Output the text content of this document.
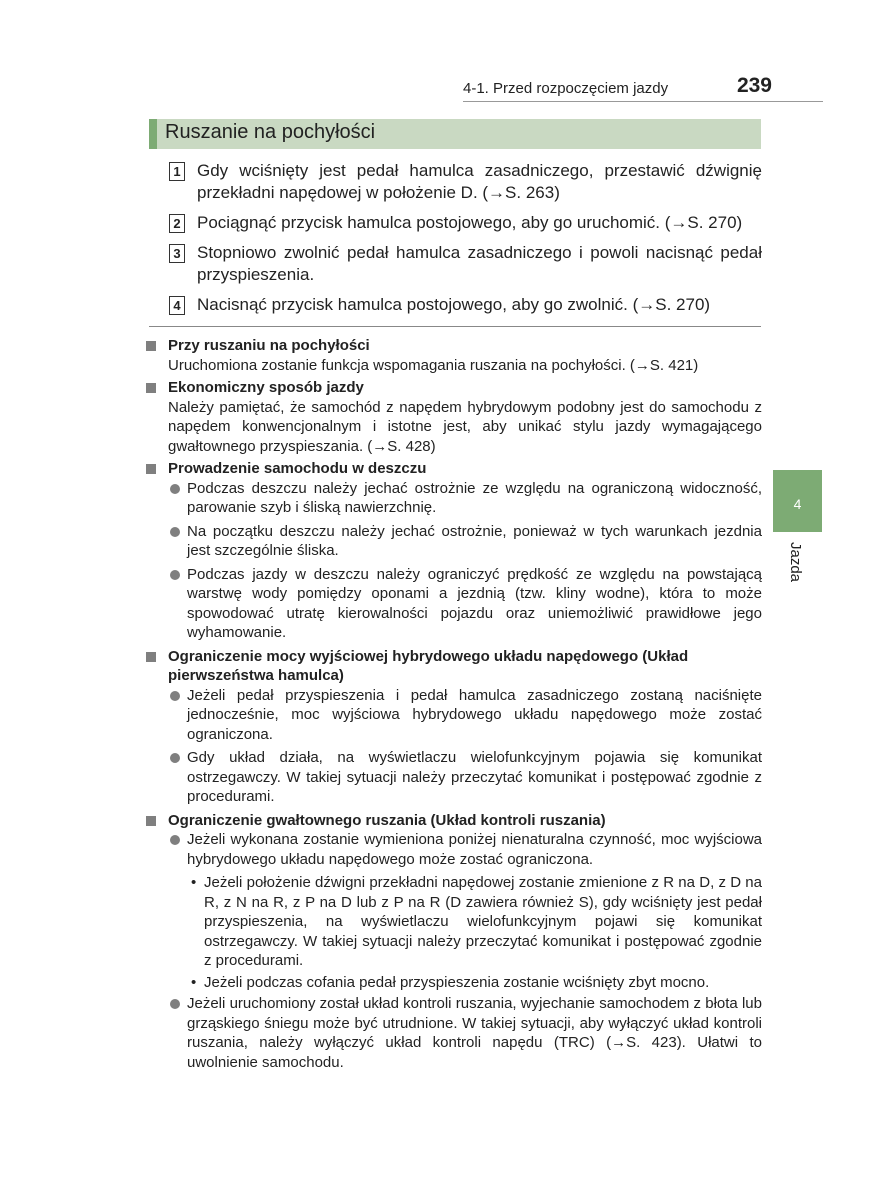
4-1. Przed rozpoczęciem jazdy	239
Ruszanie na pochyłości
1 Gdy wciśnięty jest pedał hamulca zasadniczego, przestawić dźwignię przekładni napędowej w położenie D. (→S. 263)
2 Pociągnąć przycisk hamulca postojowego, aby go uruchomić. (→S. 270)
3 Stopniowo zwolnić pedał hamulca zasadniczego i powoli nacisnąć pedał przyspieszenia.
4 Nacisnąć przycisk hamulca postojowego, aby go zwolnić. (→S. 270)
Przy ruszaniu na pochyłości
Uruchomiona zostanie funkcja wspomagania ruszania na pochyłości. (→S. 421)
Ekonomiczny sposób jazdy
Należy pamiętać, że samochód z napędem hybrydowym podobny jest do samochodu z napędem konwencjonalnym i istotne jest, aby unikać stylu jazdy wymagającego gwałtownego przyspieszania. (→S. 428)
Prowadzenie samochodu w deszczu
Podczas deszczu należy jechać ostrożnie ze względu na ograniczoną widoczność, parowanie szyb i śliską nawierzchnię.
Na początku deszczu należy jechać ostrożnie, ponieważ w tych warunkach jezdnia jest szczególnie śliska.
Podczas jazdy w deszczu należy ograniczyć prędkość ze względu na powstającą warstwę wody pomiędzy oponami a jezdnią (tzw. kliny wodne), która to może spowodować utratę kierowalności pojazdu oraz uniemożliwić prawidłowe jego wyhamowanie.
Ograniczenie mocy wyjściowej hybrydowego układu napędowego (Układ pierwszeństwa hamulca)
Jeżeli pedał przyspieszenia i pedał hamulca zasadniczego zostaną naciśnięte jednocześnie, moc wyjściowa hybrydowego układu napędowego może zostać ograniczona.
Gdy układ działa, na wyświetlaczu wielofunkcyjnym pojawia się komunikat ostrzegawczy. W takiej sytuacji należy przeczytać komunikat i postępować zgodnie z procedurami.
Ograniczenie gwałtownego ruszania (Układ kontroli ruszania)
Jeżeli wykonana zostanie wymieniona poniżej nienaturalna czynność, moc wyjściowa hybrydowego układu napędowego może zostać ograniczona.
• Jeżeli położenie dźwigni przekładni napędowej zostanie zmienione z R na D, z D na R, z N na R, z P na D lub z P na R (D zawiera również S), gdy wciśnięty jest pedał przyspieszenia, na wyświetlaczu wielofunkcyjnym pojawi się komunikat ostrzegawczy. W takiej sytuacji należy przeczytać komunikat i postępować zgodnie z procedurami.
• Jeżeli podczas cofania pedał przyspieszenia zostanie wciśnięty zbyt mocno.
Jeżeli uruchomiony został układ kontroli ruszania, wyjechanie samochodem z błota lub grząskiego śniegu może być utrudnione. W takiej sytuacji, aby wyłączyć układ kontroli ruszania, należy wyłączyć układ kontroli napędu (TRC) (→S. 423). Ułatwi to uwolnienie samochodu.
4
Jazda
